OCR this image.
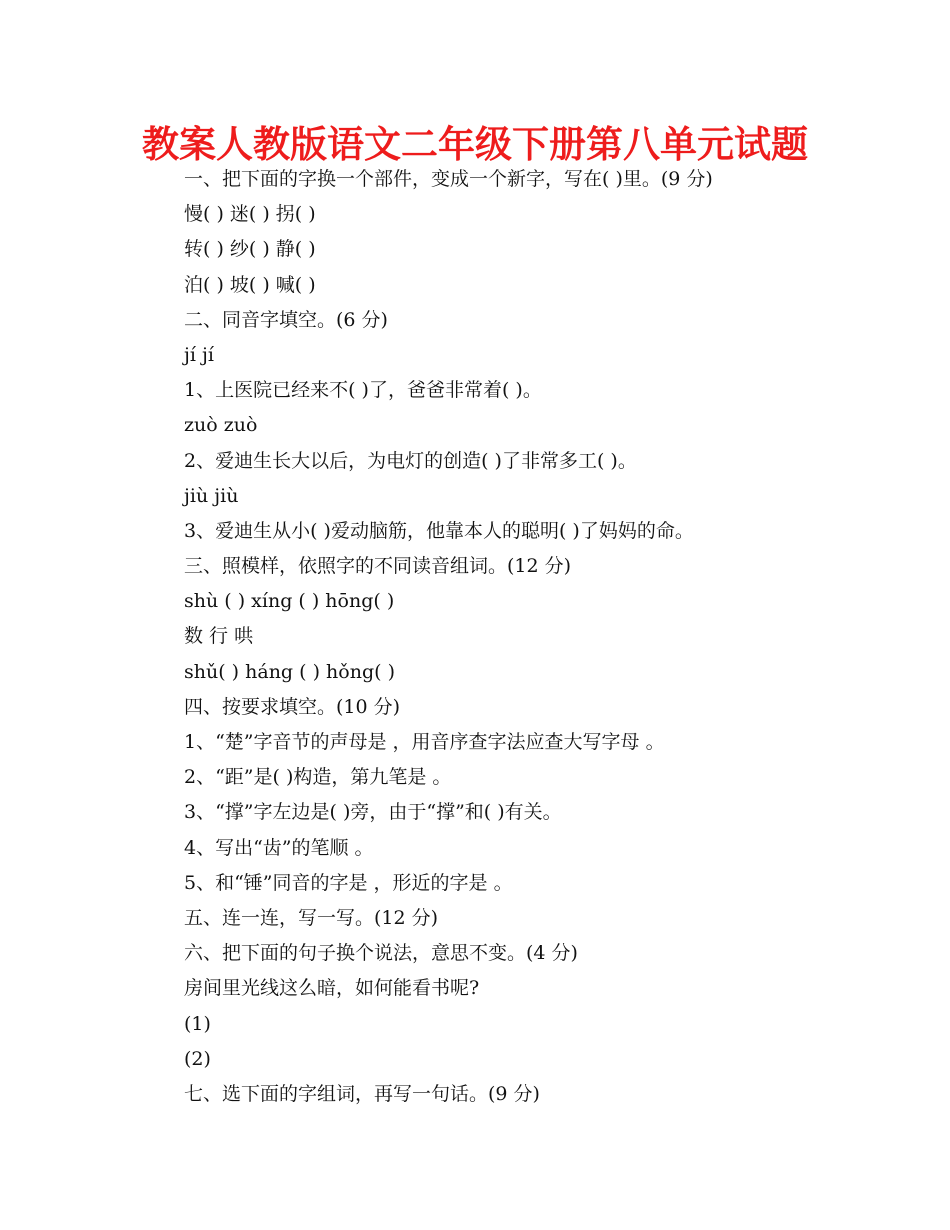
教案人教版语文二年级下册第八单元试题
一、把下面的字换一个部件，变成一个新字，写在( )里。(9 分)
慢( ) 迷( ) 拐( )
转( ) 纱( ) 静( )
泊( ) 坡( ) 喊( )
二、同音字填空。(6 分)
jí jí
1、上医院已经来不( )了，爸爸非常着( )。
zuò zuò
2、爱迪生长大以后，为电灯的创造( )了非常多工( )。
jiù jiù
3、爱迪生从小( )爱动脑筋，他靠本人的聪明( )了妈妈的命。
三、照模样，依照字的不同读音组词。(12 分)
shù ( ) xíng ( ) hōng( )
数 行 哄
shǔ( ) háng ( ) hǒng( )
四、按要求填空。(10 分)
1、“楚”字音节的声母是 ，用音序查字法应查大写字母 。
2、“距”是( )构造，第九笔是 。
3、“撑”字左边是( )旁，由于“撑”和( )有关。
4、写出“齿”的笔顺 。
5、和“锤”同音的字是 ，形近的字是 。
五、连一连，写一写。(12 分)
六、把下面的句子换个说法，意思不变。(4 分)
房间里光线这么暗，如何能看书呢?
(1)
(2)
七、选下面的字组词，再写一句话。(9 分)
